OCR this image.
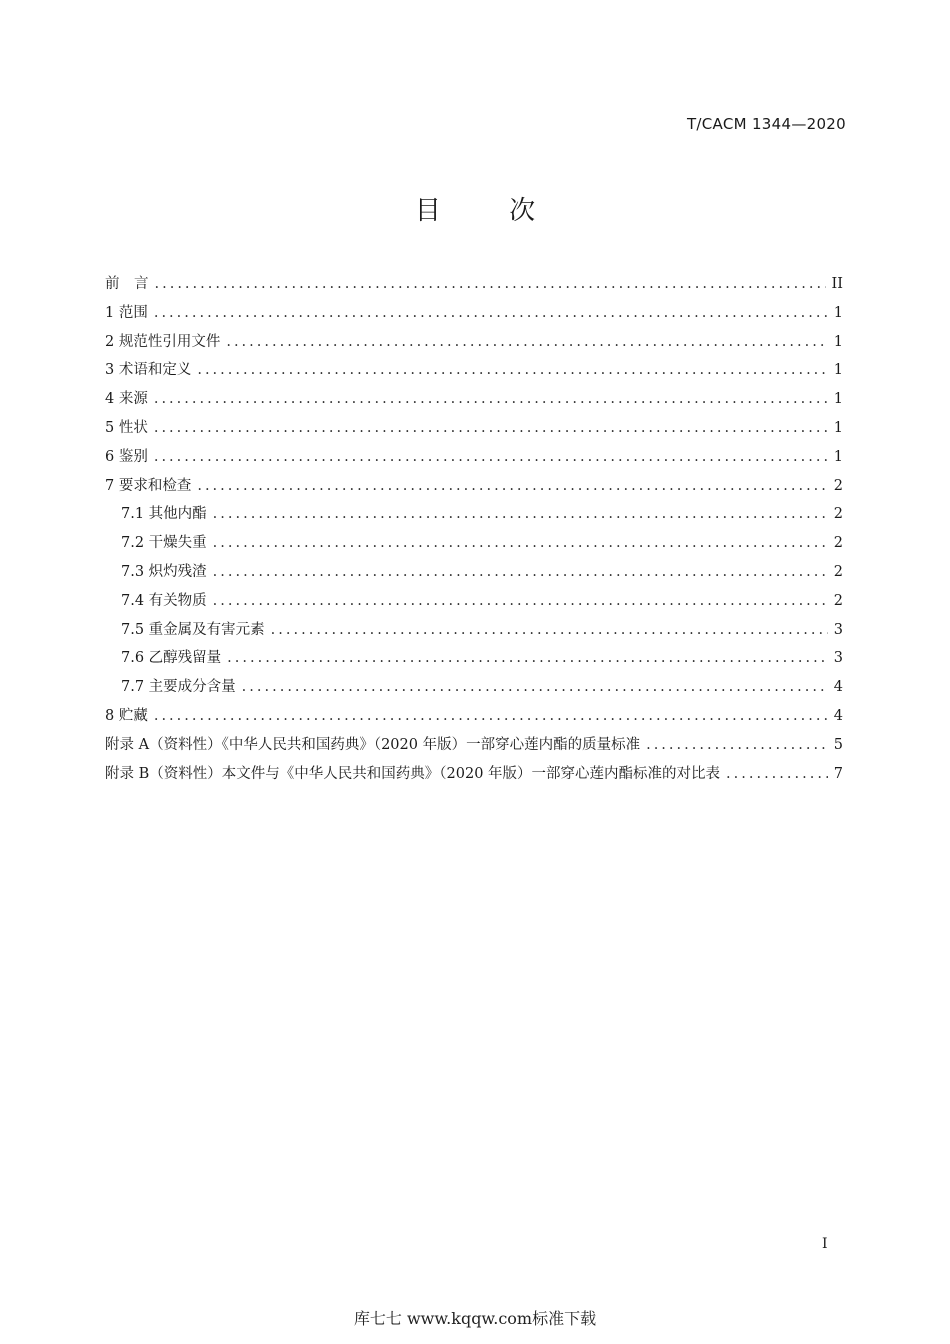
T/CACM 1344—2020
目 次
前　言 .....	II
1 范围 .....	1
2 规范性引用文件 .....	1
3 术语和定义 .....	1
4 来源 .....	1
5 性状 .....	1
6 鉴别 .....	1
7 要求和检查 .....	2
7.1 其他内酯 .....	2
7.2 干燥失重 .....	2
7.3 炽灼残渣 .....	2
7.4 有关物质 .....	2
7.5 重金属及有害元素 .....	3
7.6 乙醇残留量 .....	3
7.7 主要成分含量 .....	4
8 贮藏 .....	4
附录 A（资料性）《中华人民共和国药典》（2020 年版）一部穿心莲内酯的质量标准 .....	5
附录 B（资料性）本文件与《中华人民共和国药典》（2020 年版）一部穿心莲内酯标准的对比表 .....	7
I
库七七 www.kqqw.com标准下载
